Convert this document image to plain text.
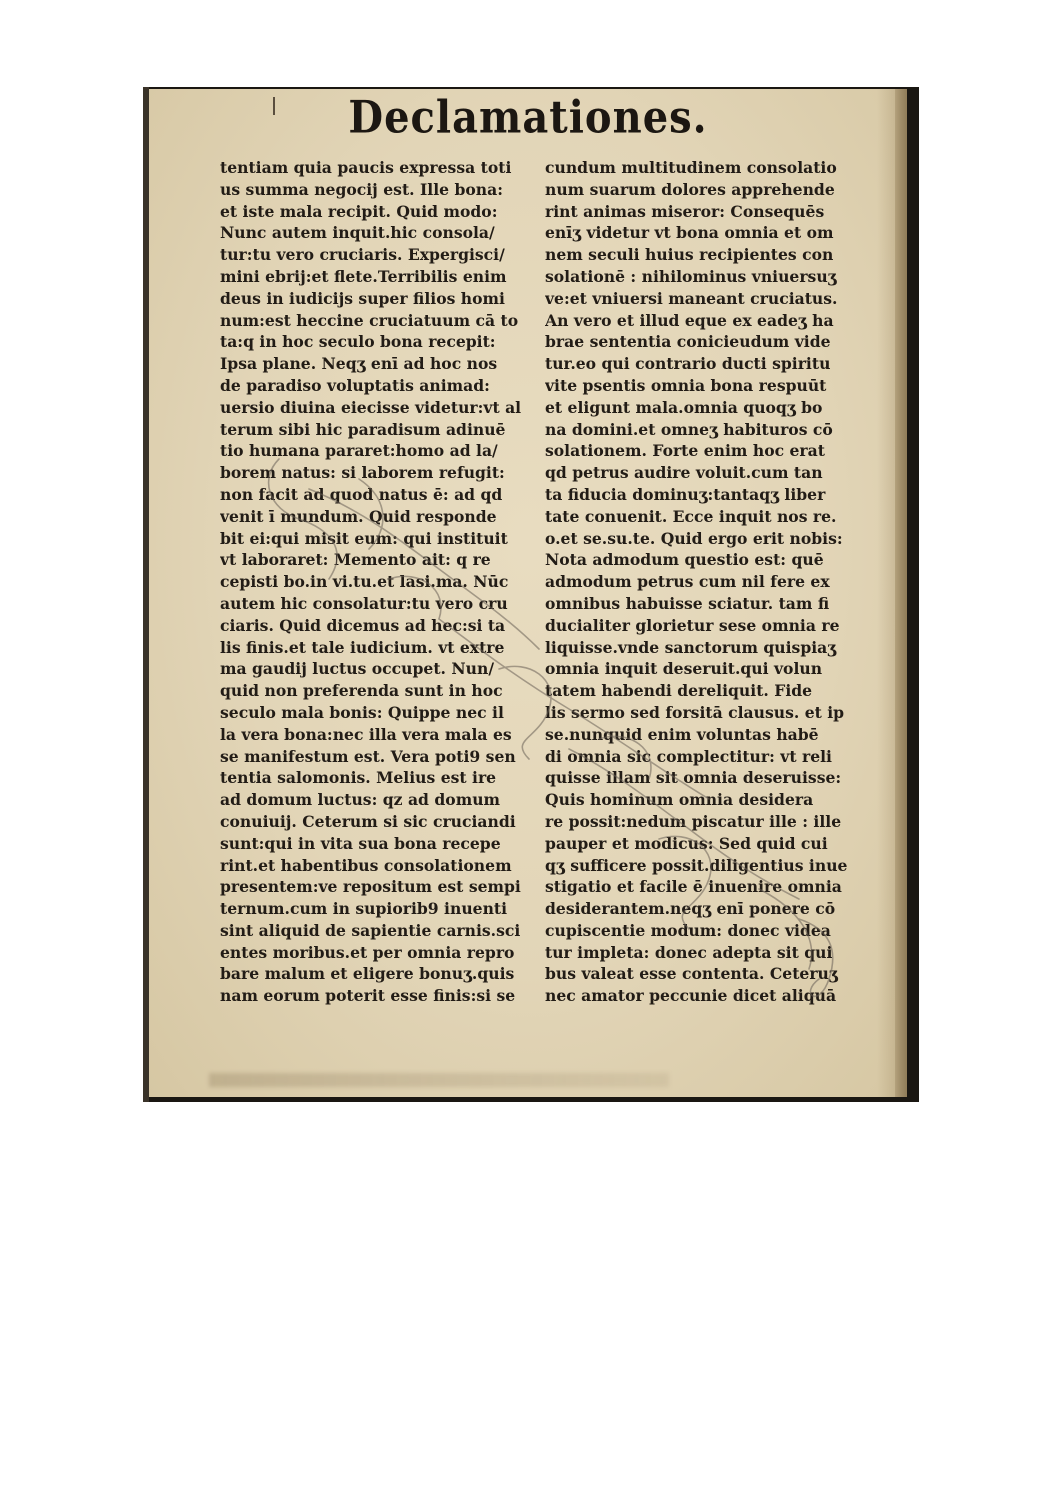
Declamationes.
tentiam quia paucis expressa toti
us summa negocij est. Ille bona:
et iste mala recipit. Quid modo:
Nunc autem inquit.hic consola/
tur:tu vero cruciaris. Expergisci/
mini ebrij:et flete.Terribilis enim
deus in iudicijs super filios homi
num:est heccine cruciatuum cā to
ta:q in hoc seculo bona recepit:
Ipsa plane. Neqʒ enī ad hoc nos
de paradiso voluptatis animad:
uersio diuina eiecisse videtur:vt al
terum sibi hic paradisum adinuē
tio humana pararet:homo ad la/
borem natus: si laborem refugit:
non facit ad quod natus ē: ad qd
venit ī mundum. Quid responde
bit ei:qui misit eum: qui instituit
vt laboraret: Memento ait: q re
cepisti bo.in vi.tu.et lasi.ma. Nūc
autem hic consolatur:tu vero cru
ciaris. Quid dicemus ad hec:si ta
lis finis.et tale iudicium. vt extre
ma gaudij luctus occupet. Nun/
quid non preferenda sunt in hoc
seculo mala bonis: Quippe nec il
la vera bona:nec illa vera mala es
se manifestum est. Vera poti9 sen
tentia salomonis. Melius est ire
ad domum luctus: qz ad domum
conuiuij. Ceterum si sic cruciandi
sunt:qui in vita sua bona recepe
rint.et habentibus consolationem
presentem:ve repositum est sempi
ternum.cum in supiorib9 inuenti
sint aliquid de sapientie carnis.sci
entes moribus.et per omnia repro
bare malum et eligere bonuʒ.quis
nam eorum poterit esse finis:si se
cundum multitudinem consolatio
num suarum dolores apprehende
rint animas miseror: Consequēs
enīʒ videtur vt bona omnia et om
nem seculi huius recipientes con
solationē : nihilominus vniuersuʒ
ve:et vniuersi maneant cruciatus.
An vero et illud eque ex eadeʒ ha
brae sententia conicieudum vide
tur.eo qui contrario ducti spiritu
vite psentis omnia bona respuūt
et eligunt mala.omnia quoqʒ bo
na domini.et omneʒ habituros cō
solationem. Forte enim hoc erat
qd petrus audire voluit.cum tan
ta fiducia dominuʒ:tantaqʒ liber
tate conuenit. Ecce inquit nos re.
o.et se.su.te. Quid ergo erit nobis:
Nota admodum questio est: quē
admodum petrus cum nil fere ex
omnibus habuisse sciatur. tam fi
ducialiter glorietur sese omnia re
liquisse.vnde sanctorum quispiaʒ
omnia inquit deseruit.qui volun
tatem habendi dereliquit. Fide
lis sermo sed forsitā clausus. et ip
se.nunquid enim voluntas habē
di omnia sic complectitur: vt reli
quisse illam sit omnia deseruisse:
Quis hominum omnia desidera
re possit:nedum piscatur ille : ille
pauper et modicus: Sed quid cui
qʒ sufficere possit.diligentius inue
stigatio et facile ē inuenire omnia
desiderantem.neqʒ enī ponere cō
cupiscentie modum: donec videa
tur impleta: donec adepta sit qui
bus valeat esse contenta. Ceteruʒ
nec amator peccunie dicet aliquā
